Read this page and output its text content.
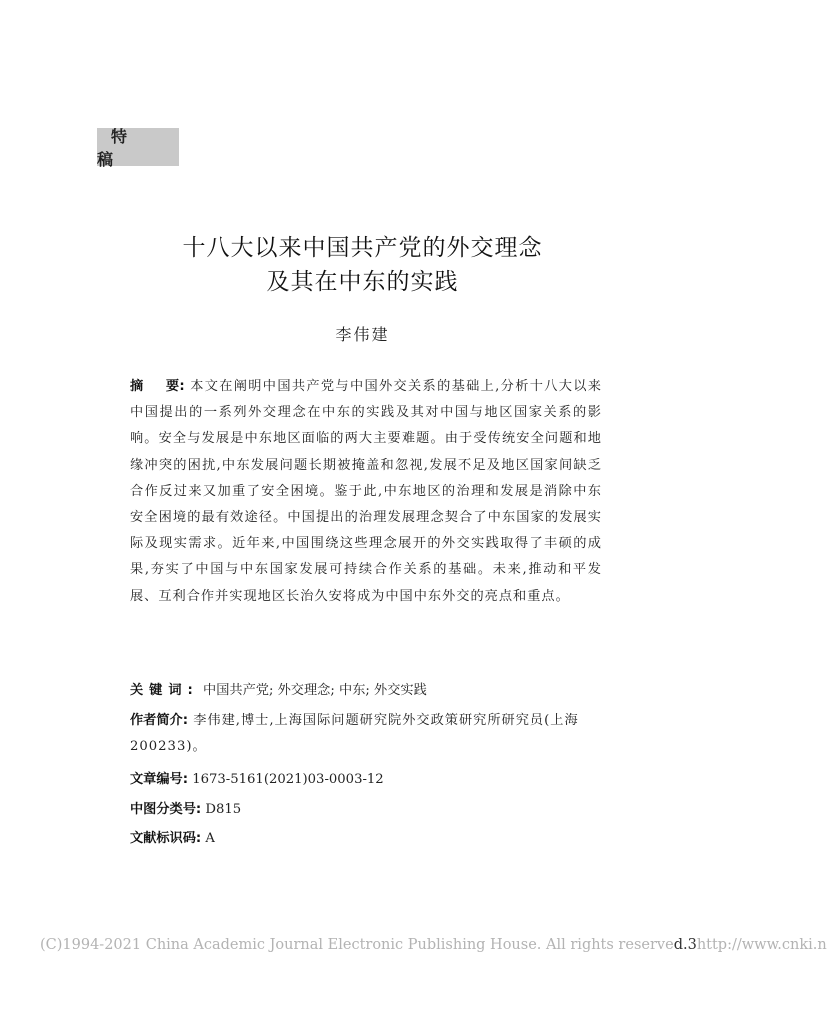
特 稿
十八大以来中国共产党的外交理念
及其在中东的实践
李伟建
摘 要: 本文在阐明中国共产党与中国外交关系的基础上,分析十八大以来中国提出的一系列外交理念在中东的实践及其对中国与地区国家关系的影响。安全与发展是中东地区面临的两大主要难题。由于受传统安全问题和地缘冲突的困扰,中东发展问题长期被掩盖和忽视,发展不足及地区国家间缺乏合作反过来又加重了安全困境。鉴于此,中东地区的治理和发展是消除中东安全困境的最有效途径。中国提出的治理发展理念契合了中东国家的发展实际及现实需求。近年来,中国围绕这些理念展开的外交实践取得了丰硕的成果,夯实了中国与中东国家发展可持续合作关系的基础。未来,推动和平发展、互利合作并实现地区长治久安将成为中国中东外交的亮点和重点。
关键词: 中国共产党; 外交理念; 中东; 外交实践
作者简介: 李伟建,博士,上海国际问题研究院外交政策研究所研究员(上海 200233)。
文章编号: 1673-5161(2021)03-0003-12
中图分类号: D815
文献标识码: A
(C)1994-2021 China Academic Journal Electronic Publishing House. All rights reserved.3http://www.cnki.n
